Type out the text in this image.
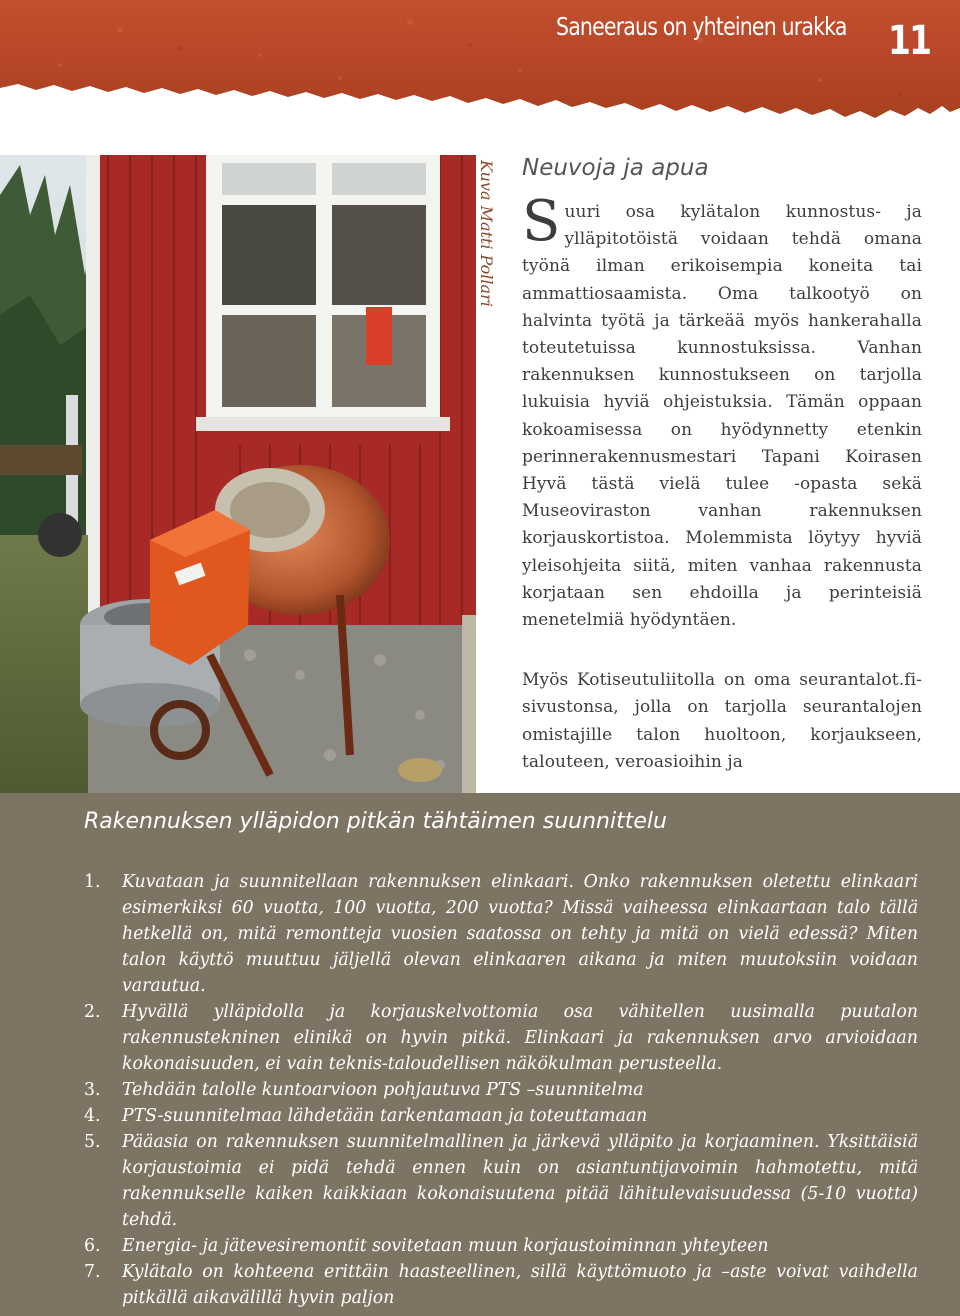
Saneeraus on yhteinen urakka 11
Kuva Matti Pollari Neuvoja ja apua

Suuri osa kylätalon kunnostus- ja ylläpitotöistä voidaan tehdä omana työnä ilman erikoisempia koneita tai ammattiosaamista. Oma talkootyö on halvinta työtä ja tärkeää myös hankerahalla toteutetuissa kunnostuksissa. Vanhan rakennuksen kunnostukseen on tarjolla lukuisia hyviä ohjeistuksia. Tämän oppaan kokoamisessa on hyödynnetty etenkin perinnerakennusmestari Tapani Koirasen Hyvä tästä vielä tulee -opasta sekä Museoviraston vanhan rakennuksen korjauskortistoa. Molemmista löytyy hyviä yleisohjeita siitä, miten vanhaa rakennusta korjataan sen ehdoilla ja perinteisiä menetelmiä hyödyntäen.

Myös Kotiseutuliitolla on oma seurantalot.fi-sivustonsa, jolla on tarjolla seurantalojen omistajille talon huoltoon, korjaukseen, talouteen, veroasioihin ja

Rakennuksen ylläpidon pitkän tähtäimen suunnittelu
1. Kuvataan ja suunnitellaan rakennuksen elinkaari. Onko rakennuksen oletettu elinkaari esimerkiksi 60 vuotta, 100 vuotta, 200 vuotta? Missä vaiheessa elinkaartaan talo tällä hetkellä on, mitä remontteja vuosien saatossa on tehty ja mitä on vielä edessä? Miten talon käyttö muuttuu jäljellä olevan elinkaaren aikana ja miten muutoksiin voidaan varautua.
2. Hyvällä ylläpidolla ja korjauskelvottomia osa vähitellen uusimalla puutalon rakennustekninen elinikä on hyvin pitkä. Elinkaari ja rakennuksen arvo arvioidaan kokonaisuuden, ei vain teknis-taloudellisen näkökulman perusteella.
3. Tehdään talolle kuntoarvioon pohjautuva PTS –suunnitelma
4. PTS-suunnitelmaa lähdetään tarkentamaan ja toteuttamaan
5. Pääasia on rakennuksen suunnitelmallinen ja järkevä ylläpito ja korjaaminen. Yksittäisiä korjaustoimia ei pidä tehdä ennen kuin on asiantuntijavoimin hahmotettu, mitä rakennukselle kaiken kaikkiaan kokonaisuutena pitää lähitulevaisuudessa (5-10 vuotta) tehdä.
6. Energia- ja jätevesiremontit sovitetaan muun korjaustoiminnan yhteyteen
7. Kylätalo on kohteena erittäin haasteellinen, sillä käyttömuoto ja –aste voivat vaihdella pitkällä aikavälillä hyvin paljon
